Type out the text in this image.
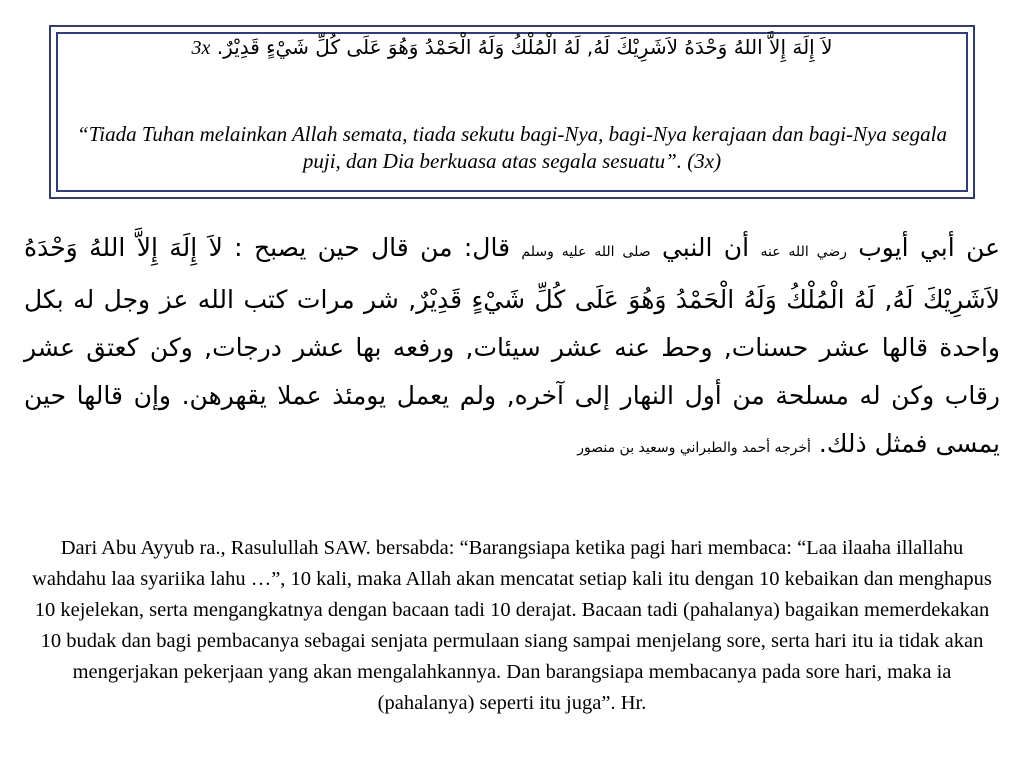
لاَ إِلَهَ إِلاَّ اللهُ وَحْدَهُ لاَشَرِيْكَ لَهُ, لَهُ الْمُلْكُ وَلَهُ الْحَمْدُ وَهُوَ عَلَى كُلِّ شَيْءٍ قَدِيْرٌ. 3x
“Tiada Tuhan melainkan Allah semata, tiada sekutu bagi-Nya, bagi-Nya kerajaan dan bagi-Nya segala puji, dan Dia berkuasa atas segala sesuatu”. (3x)
عن أبي أيوب رضي الله عنه أن النبي صلى الله عليه وسلم قال: من قال حين يصبح : لاَ إِلَهَ إِلاَّ اللهُ وَحْدَهُ لاَشَرِيْكَ لَهُ, لَهُ الْمُلْكُ وَلَهُ الْحَمْدُ وَهُوَ عَلَى كُلِّ شَيْءٍ قَدِيْرٌ, شر مرات كتب الله عز وجل له بكل واحدة قالها عشر حسنات, وحط عنه عشر سيئات, ورفعه بها عشر درجات, وكن كعتق عشر رقاب وكن له مسلحة من أول النهار إلى آخره, ولم يعمل يومئذ عملا يقهرهن. وإن قالها حين يمسى فمثل ذلك. أخرجه أحمد والطبراني وسعيد بن منصور
Dari Abu Ayyub ra., Rasulullah SAW. bersabda: “Barangsiapa ketika pagi hari membaca: “Laa ilaaha illallahu wahdahu laa syariika lahu …”, 10 kali, maka Allah akan mencatat setiap kali itu dengan 10 kebaikan dan menghapus 10 kejelekan, serta mengangkatnya dengan bacaan tadi 10 derajat. Bacaan tadi (pahalanya) bagaikan memerdekakan 10 budak dan bagi pembacanya sebagai senjata permulaan siang sampai menjelang sore, serta hari itu ia tidak akan mengerjakan pekerjaan yang akan mengalahkannya. Dan barangsiapa membacanya pada sore hari, maka ia (pahalanya) seperti itu juga”. Hr.
